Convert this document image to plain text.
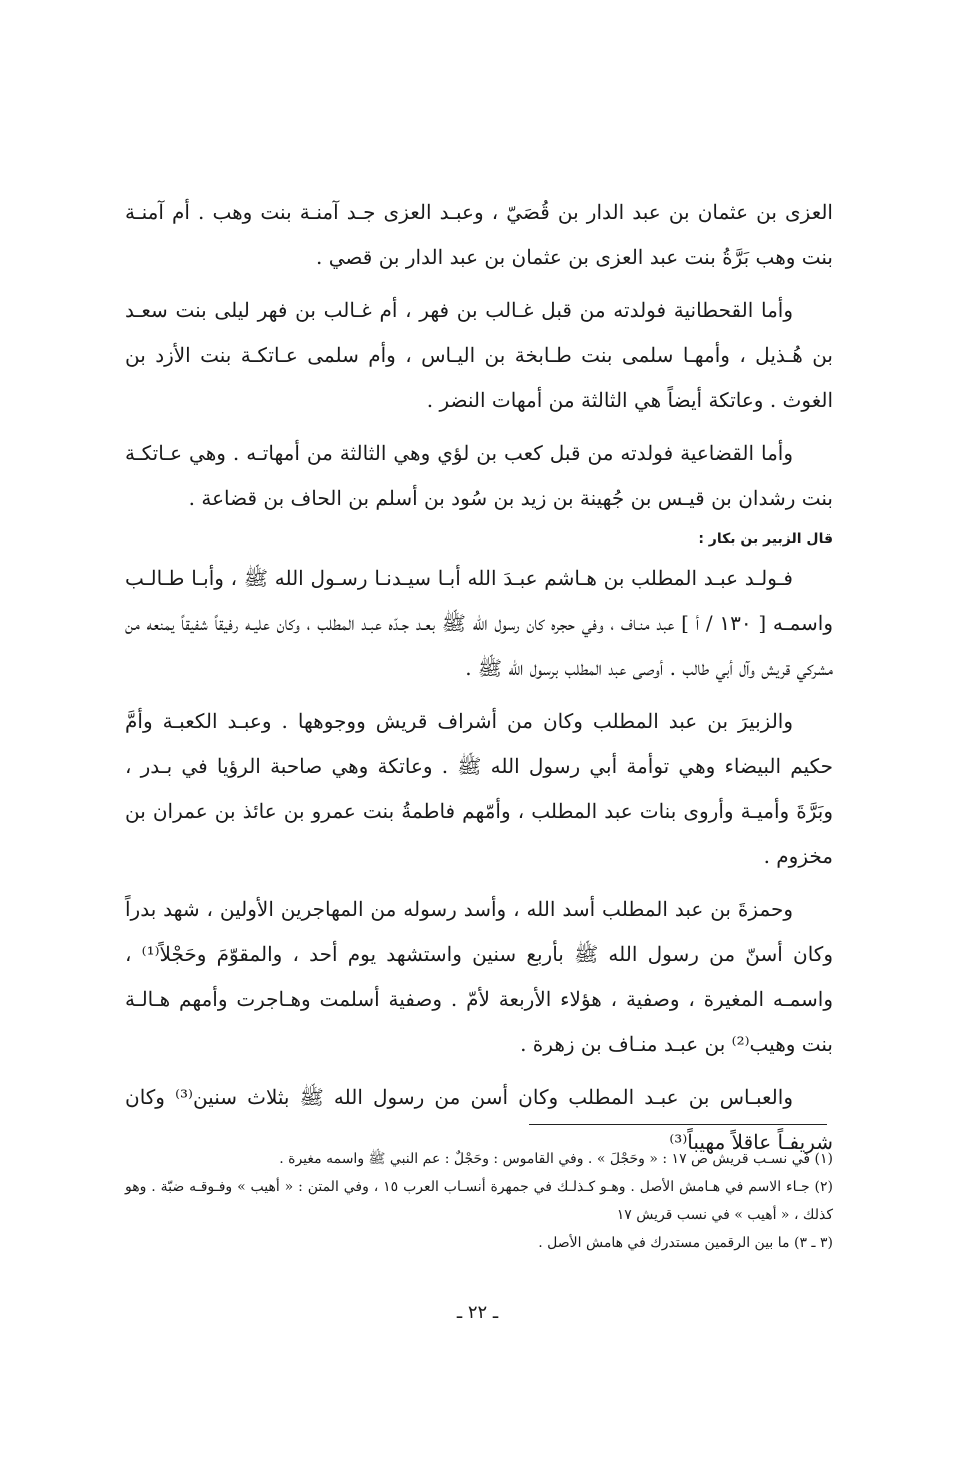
العزى بن عثمان بن عبد الدار بن قُصَيّ ، وعبـد العزى جـد آمنـة بنت وهب . أم آمنـة بنت وهب بَرَّةُ بنت عبد العزى بن عثمان بن عبد الدار بن قصي .

وأما القحطانية فولدته من قبل غـالب بن فهر ، أم غـالب بن فهر ليلى بنت سعـد بن هُـذيل ، وأمهـا سلمى بنت طـابخة بن اليـاس ، وأم سلمى عـاتكـة بنت الأزد بن الغوث . وعاتكة أيضاً هي الثالثة من أمهات النضر .

وأما القضاعية فولدته من قبل كعب بن لؤي وهي الثالثة من أمهاتـه . وهي عـاتكـة بنت رشدان بن قيـس بن جُهينة بن زيد بن سُود بن أسلم بن الحاف بن قضاعة .

قال الزبير بن بكار :

فـولـد عبـد المطلب بن هـاشم عبـدَ الله أبـا سيـدنـا رسـول الله ﷺ ، وأبـا طـالـب واسمـه [ ١٣٠ / أ ] عبد منـاف ، وفي حجره كان رسول الله ﷺ بعـد جـدّه عبـد المطلب ، وكان عليـه رفيقاً شفيقاً يمنعه من مشركي قريش وآل أبي طالب . أوصى عبد المطلب برسول الله ﷺ .

والزبيرَ بن عبد المطلب وكان من أشراف قريش ووجوهها . وعبـد الكعبـة وأمَّ حكيم البيضاء وهي توأمة أبي رسول الله ﷺ . وعاتكة وهي صاحبة الرؤيا في بـدر ، وبَرَّةَ وأميـة وأروى بنات عبد المطلب ، وأمّهم فاطمةُ بنت عمرو بن عائذ بن عمران بن مخزوم .

وحمزةَ بن عبد المطلب أسد الله ، وأسد رسوله من المهاجرين الأولين ، شهد بدراً وكان أسنّ من رسول الله ﷺ بأربع سنين واستشهد يوم أحد ، والمقوّمَ وحَجْلاً⁽¹⁾ ، واسمـه المغيرة ، وصفية ، هؤلاء الأربعة لأمّ . وصفية أسلمت وهـاجرت وأمهم هـالـة بنت وهيب⁽²⁾ بن عبـد منـاف بن زهرة .

والعبـاس بن عبـد المطلب وكان أسن من رسول الله ﷺ بثلاث سنين⁽³⁾ وكان شريفـاً عاقلاً مهيباً⁽³⁾

(١) في نسـب قريش ص ١٧ : « وحَجْلَ » . وفي القاموس : وحَجْلٌ : عم النبي ﷺ واسمه مغيرة .

(٢) جـاء الاسم في هـامش الأصل . وهـو كـذلـك في جمهرة أنسـاب العرب ١٥ ، وفي المتن : « أهيب » وفـوقـه ضبّة . وهو كذلك ، « أهيب » في نسب قريش ١٧

(٣ ـ ٣) ما بين الرقمين مستدرك في هامش الأصل .

ـ ٢٢ ـ
